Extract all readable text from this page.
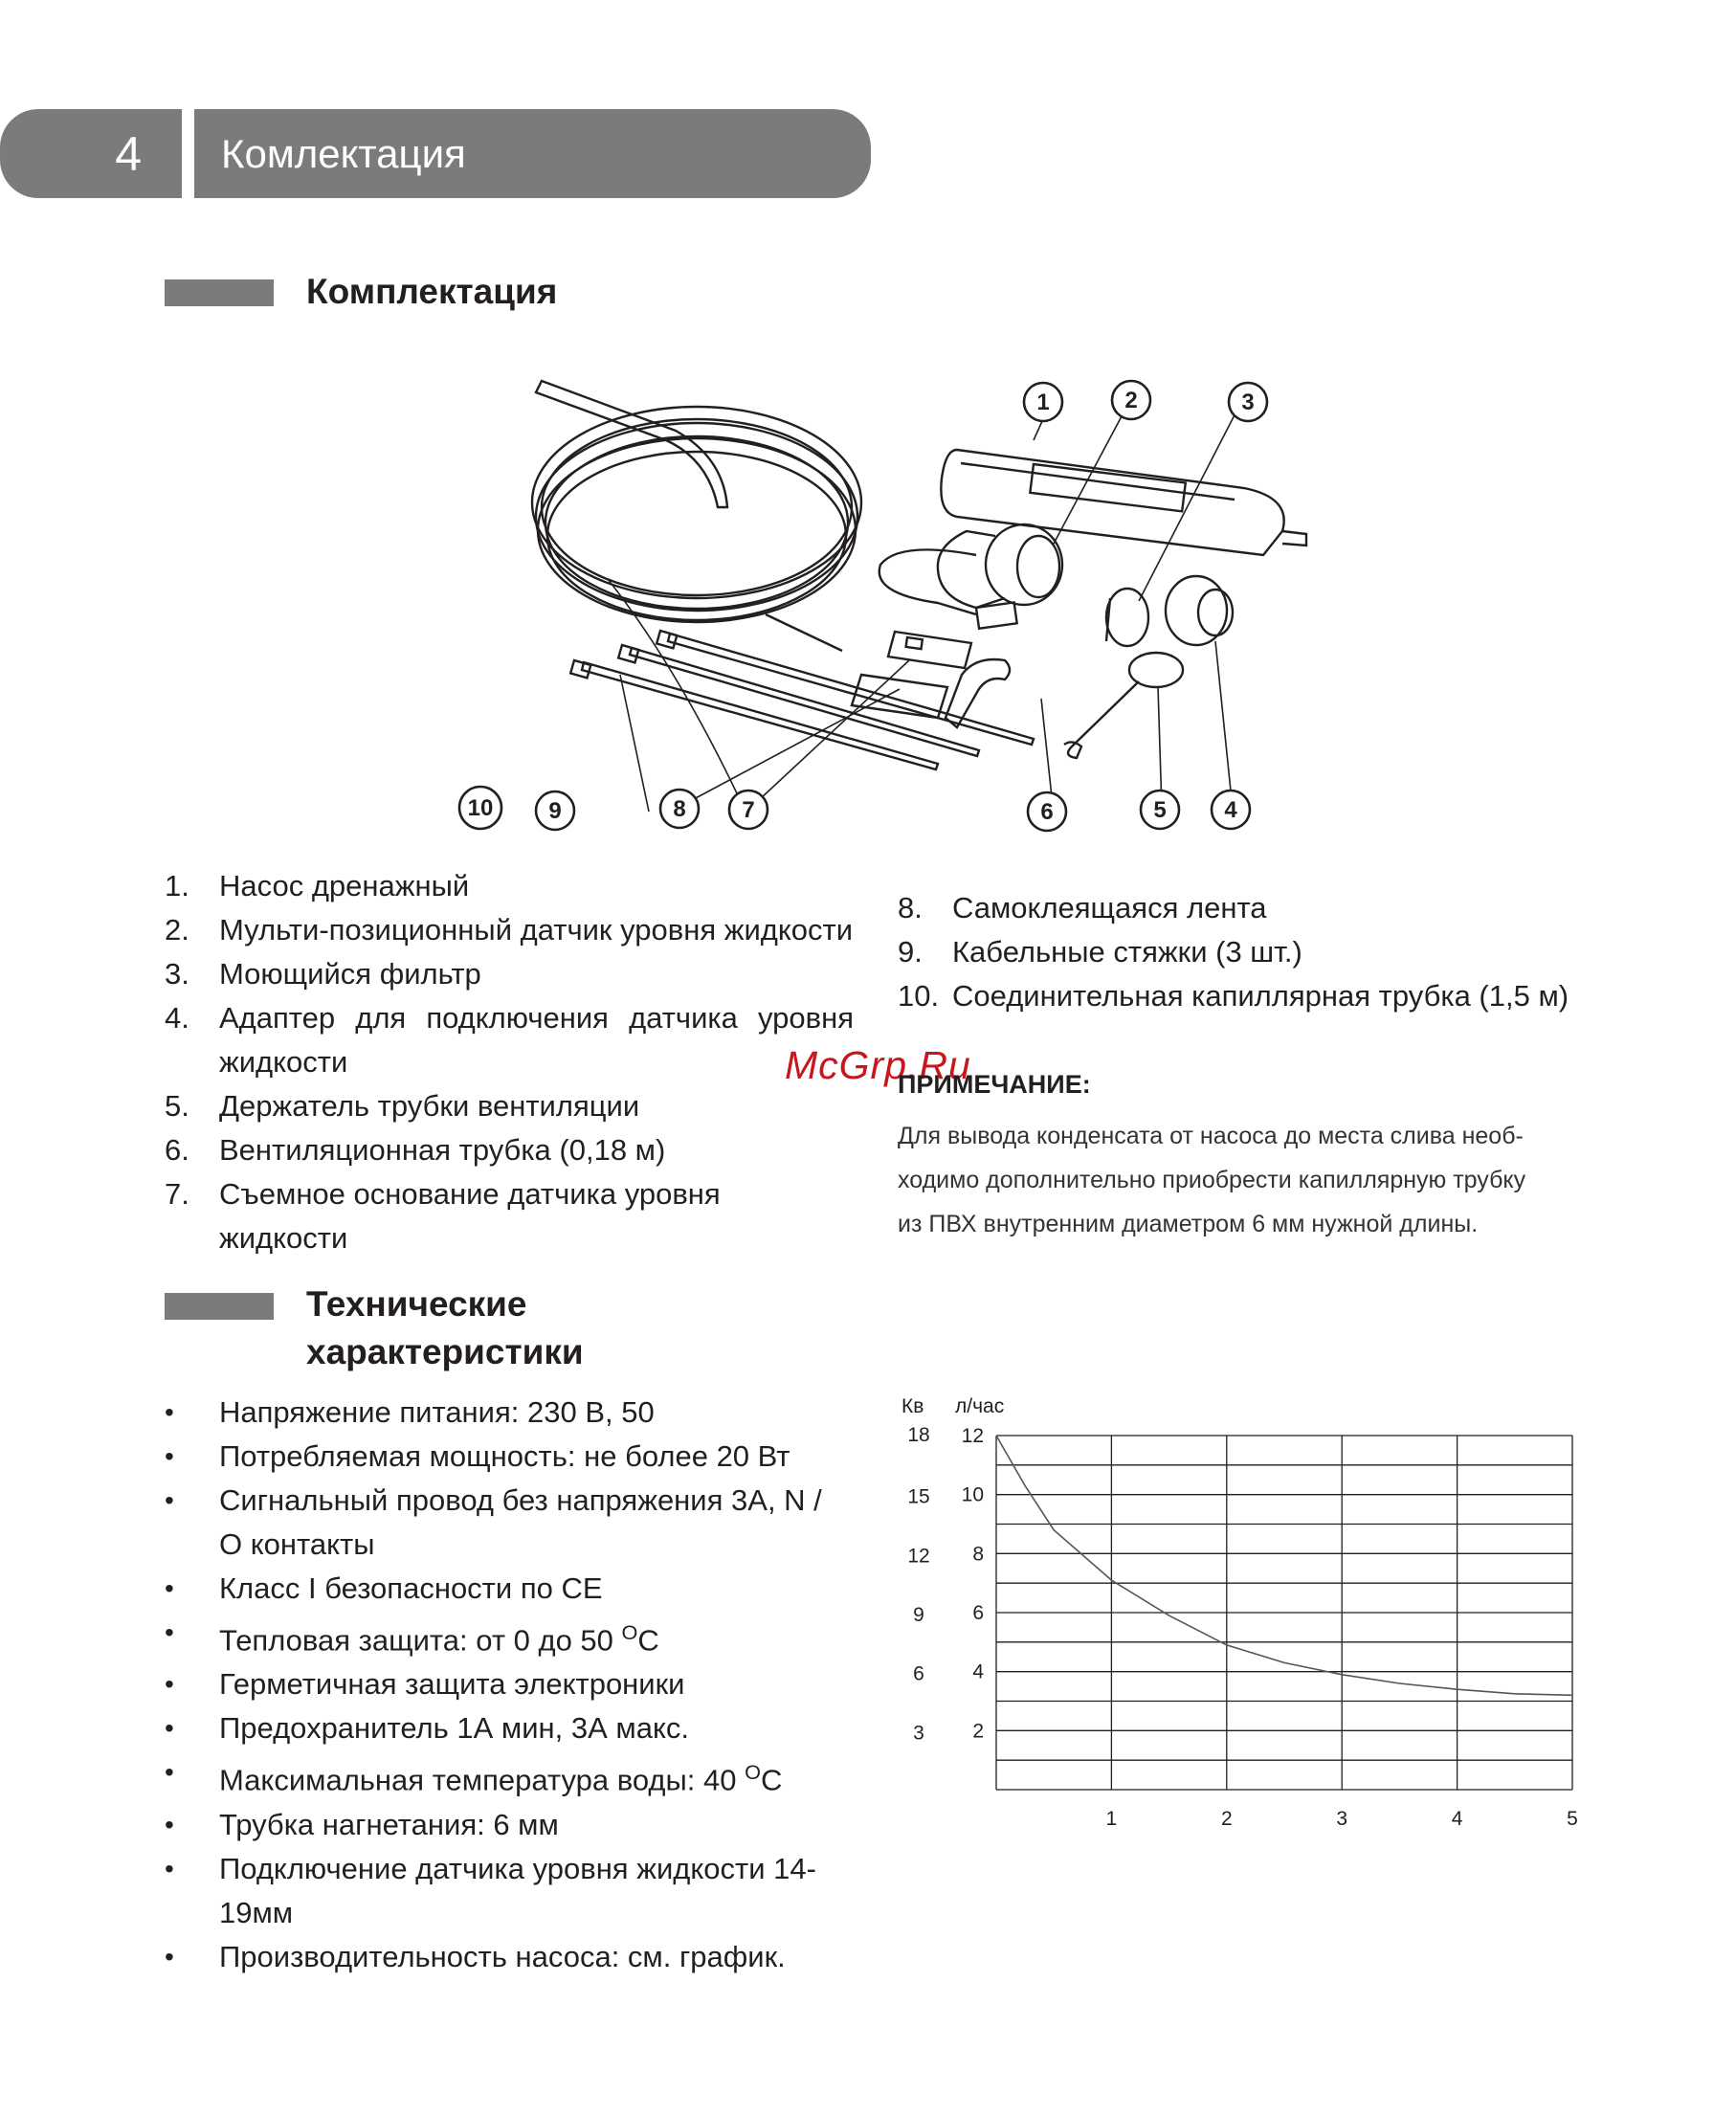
4 Комлектация
Комплектация
1	2	3
4
5
6
7
8
9
10
1. Насос дренажный
2. Мульти-позиционный датчик уровня жидкости
3. Моющийся фильтр
4. Адаптер для подключения датчика уровня
жидкости
5. Держатель трубки вентиляции
6. Вентиляционная трубка (0,18 м)
7. Съемное основание датчика уровня жидкости
8. Самоклеящаяся лента
9. Кабельные стяжки (3 шт.)
10. Соединительная капиллярная трубка (1,5 м)
McGrp.Ru
ПРИМЕЧАНИЕ:
Для вывода конденсата от насоса до места слива необ-
ходимо дополнительно приобрести капиллярную трубку
из ПВХ внутренним диаметром 6 мм нужной длины.
Технические
характеристики
• Напряжение питания: 230 В, 50
• Потребляемая мощность: не более 20 Вт
• Сигнальный провод без напряжения 3А, N /
О контакты
• Класс I безопасности по СЕ
• Тепловая защита: от 0 до 50 $^O$С
• Герметичная защита электроники
• Предохранитель 1А мин, 3А макс.
• Максимальная температура воды: 40 $^O$С
• Трубка нагнетания: 6 мм
• Подключение датчика уровня жидкости 14-
19мм
• Производительность насоса: см. график.
Кв л/час
1	2	3	4	5
2
4
6
8
10
12
3
6
9
12
15
18
